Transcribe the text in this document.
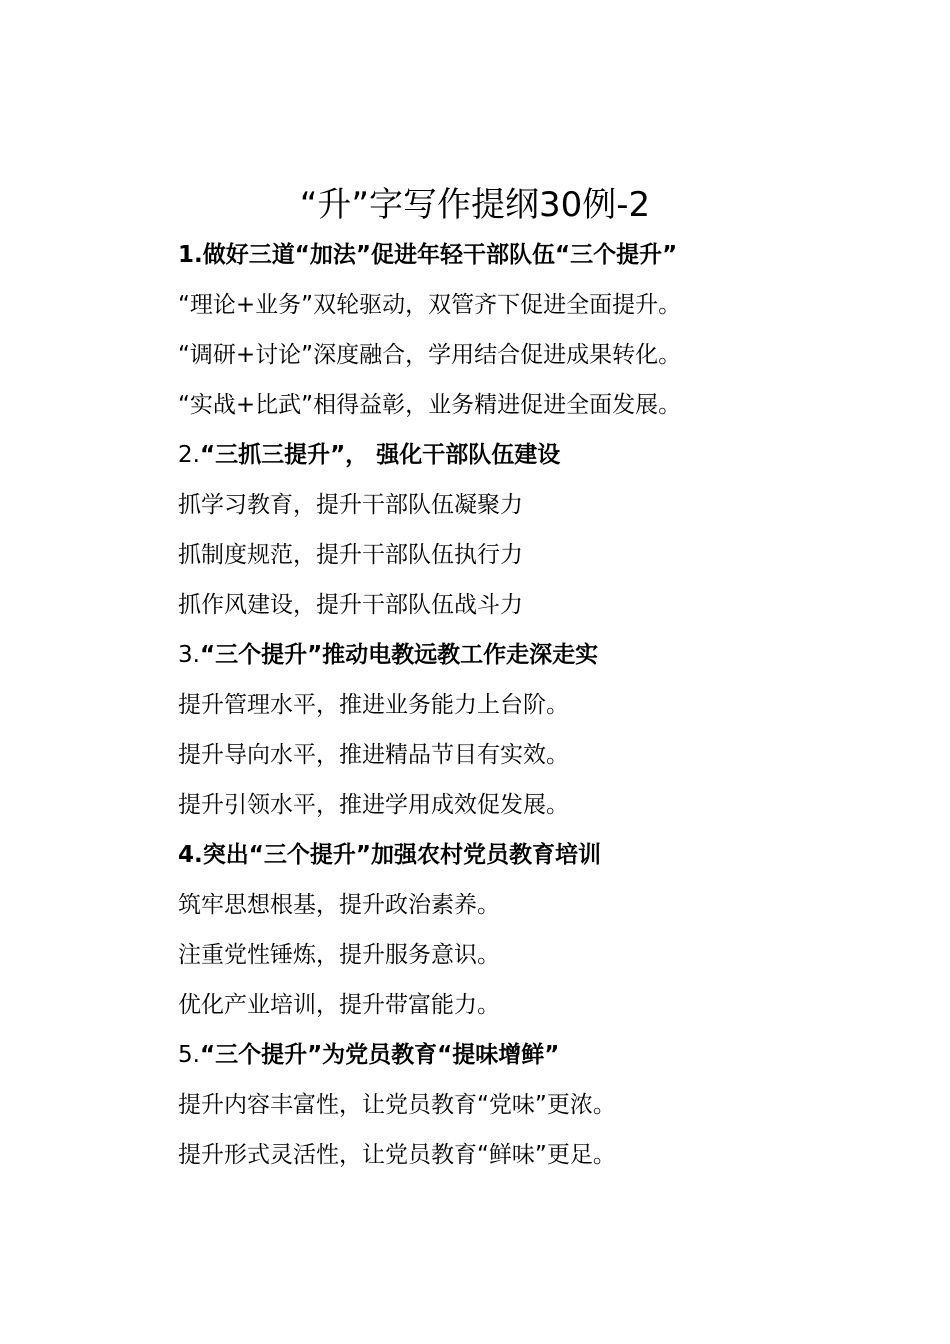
“升”字写作提纲30例-2
1.做好三道“加法”促进年轻干部队伍“三个提升”
“理论+业务”双轮驱动，双管齐下促进全面提升。
“调研+讨论”深度融合，学用结合促进成果转化。
“实战+比武”相得益彰，业务精进促进全面发展。
2.“三抓三提升”， 强化干部队伍建设
抓学习教育，提升干部队伍凝聚力
抓制度规范，提升干部队伍执行力
抓作风建设，提升干部队伍战斗力
3.“三个提升”推动电教远教工作走深走实
提升管理水平，推进业务能力上台阶。
提升导向水平，推进精品节目有实效。
提升引领水平，推进学用成效促发展。
4.突出“三个提升”加强农村党员教育培训
筑牢思想根基，提升政治素养。
注重党性锤炼，提升服务意识。
优化产业培训，提升带富能力。
5.“三个提升”为党员教育“提味增鲜”
提升内容丰富性，让党员教育“党味”更浓。
提升形式灵活性，让党员教育“鲜味”更足。
